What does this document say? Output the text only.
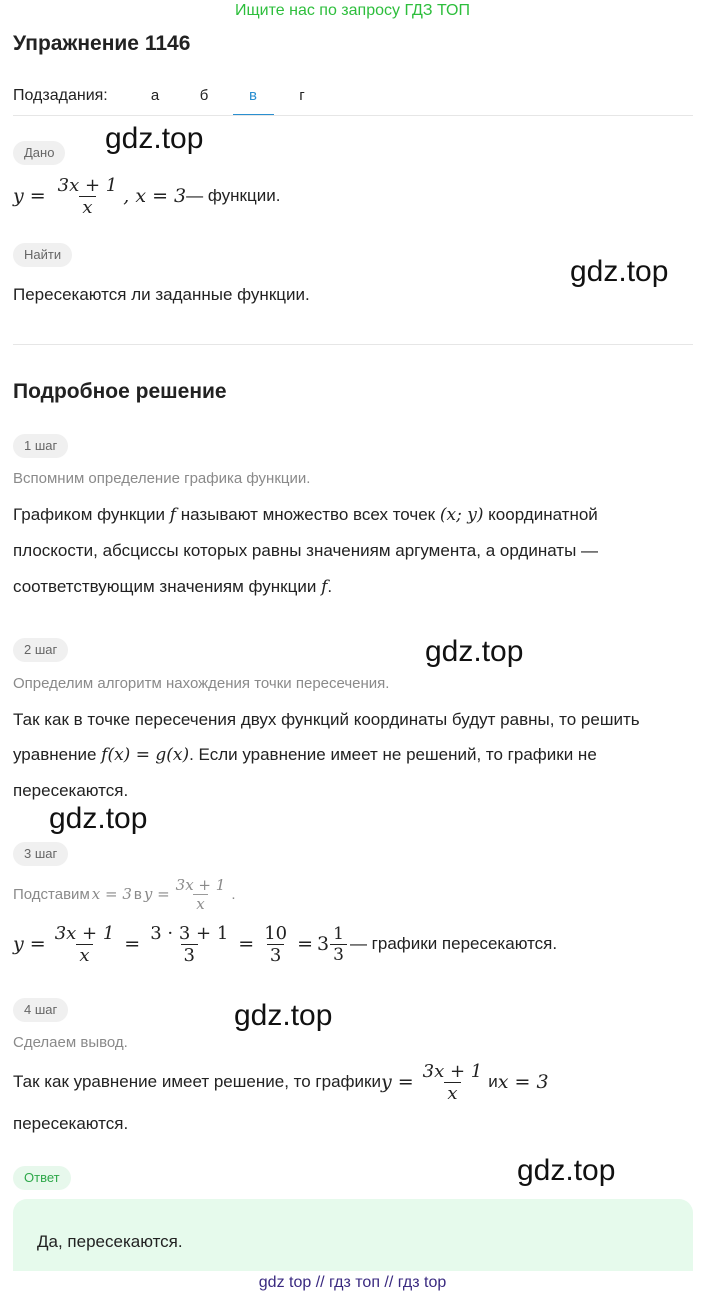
Ищите нас по запросу ГДЗ ТОП
Упражнение 1146
Подзадания:	а	б	в	г
gdz.top
gdz.top
gdz.top
gdz.top
gdz.top
gdz.top
Дано
$y = \frac{3x + 1}{x}$ , x = 3 — функции.
Найти
Пересекаются ли заданные функции.
Подробное решение
1 шаг
Вспомним определение графика функции.
Графиком функции f называют множество всех точек (x; y) координатной
плоскости, абсциссы которых равны значениям аргумента, а ординаты —
соответствующим значениям функции f.
2 шаг
Определим алгоритм нахождения точки пересечения.
Так как в точке пересечения двух функций координаты будут равны, то решить
уравнение f(x) = g(x). Если уравнение имеет не решений, то графики не
пересекаются.
3 шаг
Подставим x = 3 в $y = \frac{3x + 1}{x}$ .
$y = \frac{3x + 1}{x} = \frac{3 \cdot 3 + 1}{3} = \frac{10}{3} = 3 \frac{1}{3}$ — графики пересекаются.
4 шаг
Сделаем вывод.
Так как уравнение имеет решение, то графики $y = \frac{3x + 1}{x}$ и x = 3
пересекаются.
Ответ
Да, пересекаются.
gdz top // гдз топ // гдз top
